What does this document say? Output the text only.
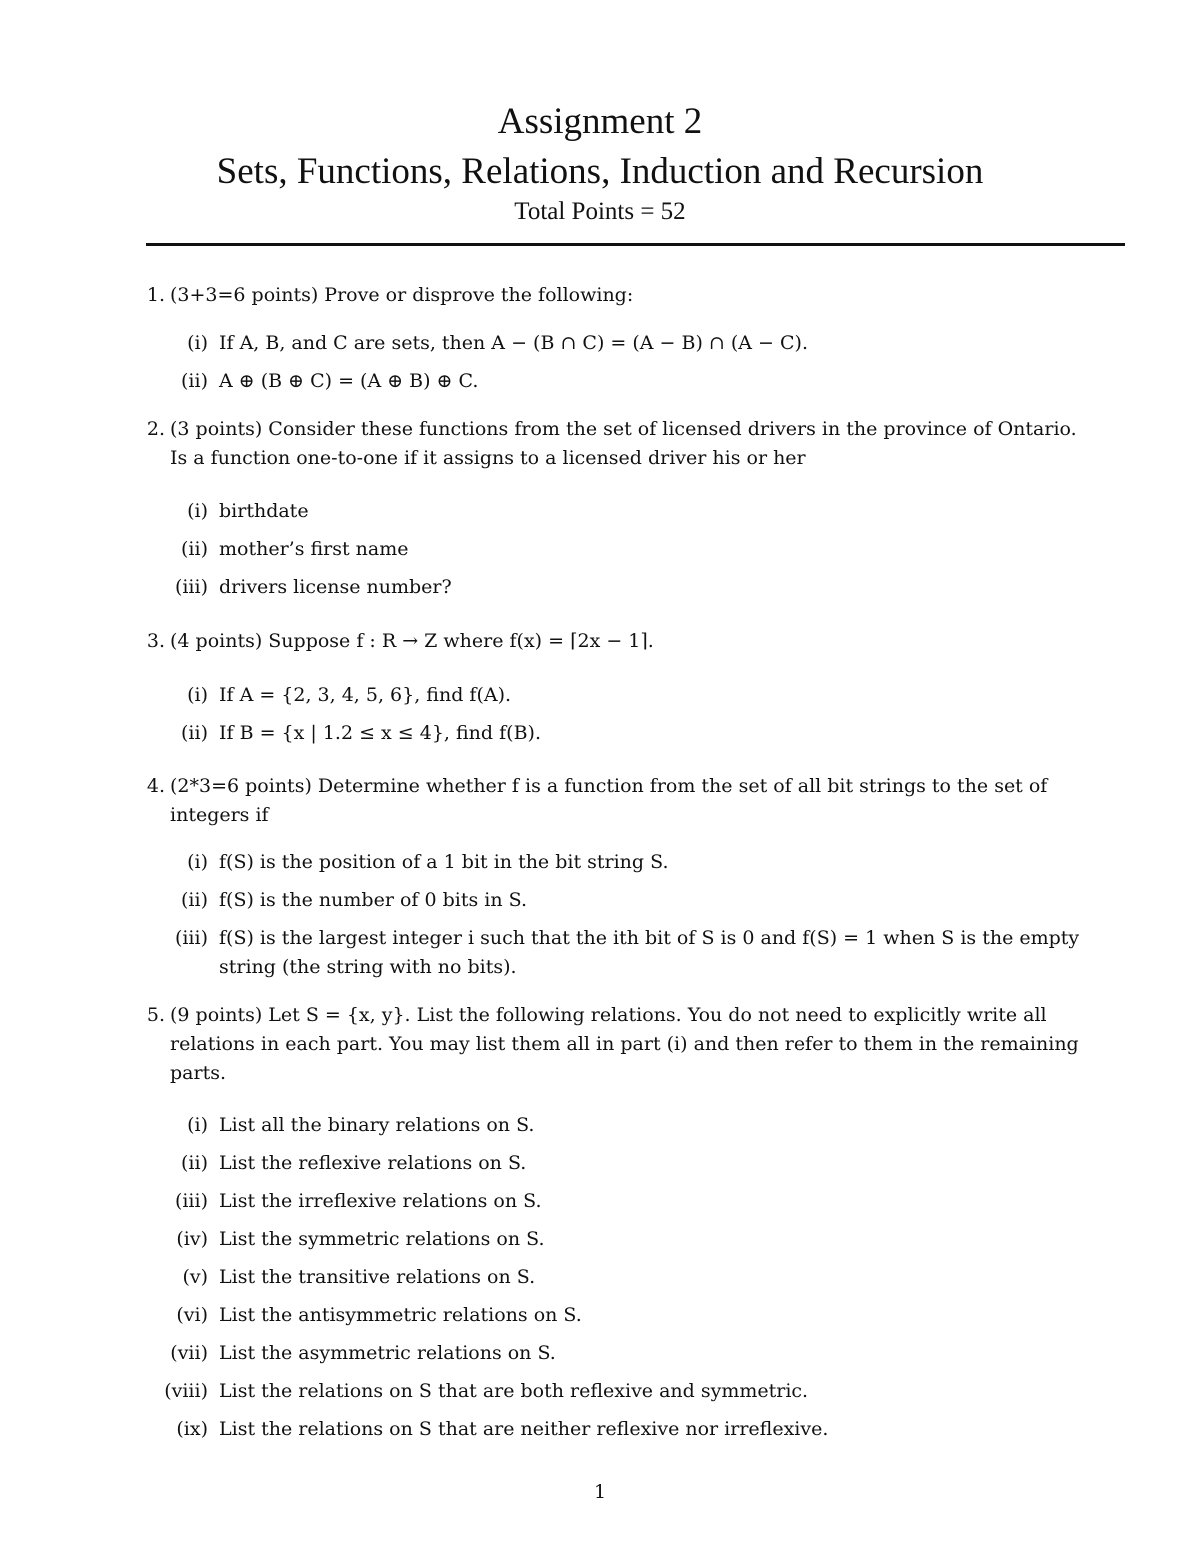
Assignment 2
Sets, Functions, Relations, Induction and Recursion
Total Points = 52
1. (3+3=6 points) Prove or disprove the following:

(i) If A, B, and C are sets, then A − (B ∩ C) = (A − B) ∩ (A − C).

(ii) A ⊕ (B ⊕ C) = (A ⊕ B) ⊕ C.

2. (3 points) Consider these functions from the set of licensed drivers in the province of Ontario. Is a function one-to-one if it assigns to a licensed driver his or her

(i) birthdate

(ii) mother’s first name

(iii) drivers license number?

3. (4 points) Suppose f : R → Z where f(x) = ⌈2x − 1⌉.

(i) If A = {2, 3, 4, 5, 6}, find f(A).

(ii) If B = {x | 1.2 ≤ x ≤ 4}, find f(B).

4. (2*3=6 points) Determine whether f is a function from the set of all bit strings to the set of integers if

(i) f(S) is the position of a 1 bit in the bit string S.

(ii) f(S) is the number of 0 bits in S.

(iii) f(S) is the largest integer i such that the ith bit of S is 0 and f(S) = 1 when S is the empty string (the string with no bits).

5. (9 points) Let S = {x, y}. List the following relations. You do not need to explicitly write all relations in each part. You may list them all in part (i) and then refer to them in the remaining parts.

(i) List all the binary relations on S.

(ii) List the reflexive relations on S.

(iii) List the irreflexive relations on S.

(iv) List the symmetric relations on S.

(v) List the transitive relations on S.

(vi) List the antisymmetric relations on S.

(vii) List the asymmetric relations on S.

(viii) List the relations on S that are both reflexive and symmetric.

(ix) List the relations on S that are neither reflexive nor irreflexive.

1
